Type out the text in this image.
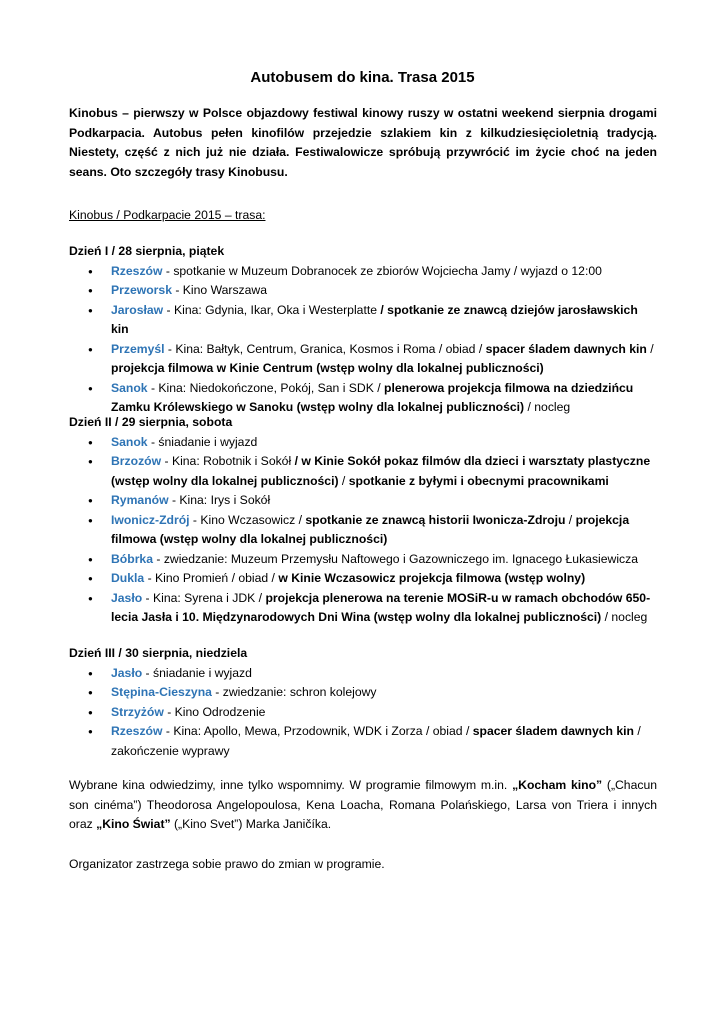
Autobusem do kina. Trasa 2015

Kinobus – pierwszy w Polsce objazdowy festiwal kinowy ruszy w ostatni weekend sierpnia drogami Podkarpacia. Autobus pełen kinofilów przejedzie szlakiem kin z kilkudziesięcioletnią tradycją. Niestety, część z nich już nie działa. Festiwalowicze spróbują przywrócić im życie choć na jeden seans. Oto szczegóły trasy Kinobusu.

Kinobus / Podkarpacie 2015 – trasa:

Dzień I / 28 sierpnia, piątek

● Rzeszów - spotkanie w Muzeum Dobranocek ze zbiorów Wojciecha Jamy / wyjazd o 12:00
● Przeworsk - Kino Warszawa
● Jarosław - Kina: Gdynia, Ikar, Oka i Westerplatte / spotkanie ze znawcą dziejów jarosławskich kin
● Przemyśl - Kina: Bałtyk, Centrum, Granica, Kosmos i Roma / obiad / spacer śladem dawnych kin / projekcja filmowa w Kinie Centrum (wstęp wolny dla lokalnej publiczności)
● Sanok - Kina: Niedokończone, Pokój, San i SDK / plenerowa projekcja filmowa na dziedzińcu Zamku Królewskiego w Sanoku (wstęp wolny dla lokalnej publiczności) / nocleg

Dzień II / 29 sierpnia, sobota

● Sanok - śniadanie i wyjazd
● Brzozów - Kina: Robotnik i Sokół / w Kinie Sokół pokaz filmów dla dzieci i warsztaty plastyczne (wstęp wolny dla lokalnej publiczności) / spotkanie z byłymi i obecnymi pracownikami
● Rymanów - Kina: Irys i Sokół
● Iwonicz-Zdrój - Kino Wczasowicz / spotkanie ze znawcą historii Iwonicza-Zdroju / projekcja filmowa (wstęp wolny dla lokalnej publiczności)
● Bóbrka - zwiedzanie: Muzeum Przemysłu Naftowego i Gazowniczego im. Ignacego Łukasiewicza
● Dukla - Kino Promień / obiad / w Kinie Wczasowicz projekcja filmowa (wstęp wolny)
● Jasło - Kina: Syrena i JDK / projekcja plenerowa na terenie MOSiR-u w ramach obchodów 650-lecia Jasła i 10. Międzynarodowych Dni Wina (wstęp wolny dla lokalnej publiczności) / nocleg

Dzień III / 30 sierpnia, niedziela

● Jasło - śniadanie i wyjazd
● Stępina-Cieszyna - zwiedzanie: schron kolejowy
● Strzyżów - Kino Odrodzenie
● Rzeszów - Kina: Apollo, Mewa, Przodownik, WDK i Zorza / obiad / spacer śladem dawnych kin / zakończenie wyprawy

Wybrane kina odwiedzimy, inne tylko wspomnimy. W programie filmowym m.in. „Kocham kino” („Chacun son cinéma”) Theodorosa Angelopoulosa, Kena Loacha, Romana Polańskiego, Larsa von Triera i innych oraz „Kino Świat” („Kino Svet”) Marka Janičíka.

Organizator zastrzega sobie prawo do zmian w programie.
